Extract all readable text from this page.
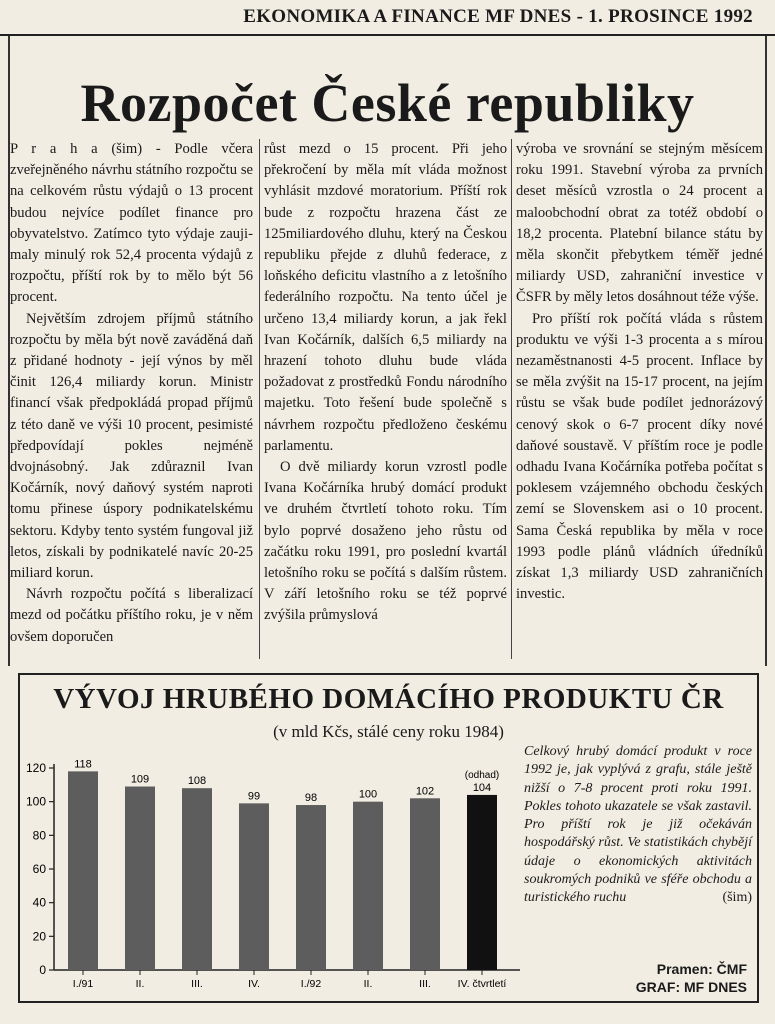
EKONOMIKA A FINANCE MF DNES - 1. PROSINCE 1992
Rozpočet České republiky

P r a h a (šim) - Podle včera zveřejněného návrhu státního rozpočtu se na celkovém růstu výdajů o 13 procent budou nejvíce podílet finance pro obyvatelstvo. Zatímco tyto výdaje zaujimaly minulý rok 52,4 procenta výdajů z rozpočtu, příští rok by to mělo být 56 procent.

Největším zdrojem příjmů státního rozpočtu by měla být nově zaváděná daň z přidané hodnoty - její výnos by měl činit 126,4 miliardy korun. Ministr financí však předpokládá propad příjmů z této daně ve výši 10 procent, pesimisté předpovídají pokles nejméně dvojnásobný. Jak zdůraznil Ivan Kočárník, nový daňový systém naproti tomu přinese úspory podnikatelskému sektoru. Kdyby tento systém fungoval již letos, získali by podnikatelé navíc 20-25 miliard korun.

Návrh rozpočtu počítá s liberalizací mezd od počátku příštího roku, je v něm ovšem doporučen

růst mezd o 15 procent. Při jeho překročení by měla mít vláda možnost vyhlásit mzdové moratorium. Příští rok bude z rozpočtu hrazena část ze 125miliardového dluhu, který na Českou republiku přejde z dluhů federace, z loňského deficitu vlastního a z letošního federálního rozpočtu. Na tento účel je určeno 13,4 miliardy korun, a jak řekl Ivan Kočárník, dalších 6,5 miliardy na hrazení tohoto dluhu bude vláda požadovat z prostředků Fondu národního majetku. Toto řešení bude společně s návrhem rozpočtu předloženo českému parlamentu.

O dvě miliardy korun vzrostl podle Ivana Kočárníka hrubý domácí produkt ve druhém čtvrtletí tohoto roku. Tím bylo poprvé dosaženo jeho růstu od začátku roku 1991, pro poslední kvartál letošního roku se počítá s dalším růstem. V září letošního roku se též poprvé zvýšila průmyslová

výroba ve srovnání se stejným měsícem roku 1991. Stavební výroba za prvních deset měsíců vzrostla o 24 procent a maloobchodní obrat za totéž období o 18,2 procenta. Platební bilance státu by měla skončit přebytkem téměř jedné miliardy USD, zahraniční investice v ČSFR by měly letos dosáhnout téže výše.

Pro příští rok počítá vláda s růstem produktu ve výši 1-3 procenta a s mírou nezaměstnanosti 4-5 procent. Inflace by se měla zvýšit na 15-17 procent, na jejím růstu se však bude podílet jednorázový cenový skok o 6-7 procent díky nové daňové soustavě. V příštím roce je podle odhadu Ivana Kočárníka potřeba počítat s poklesem vzájemného obchodu českých zemí se Slovenskem asi o 10 procent. Sama Česká republika by měla v roce 1993 podle plánů vládních úředníků získat 1,3 miliardy USD zahraničních investic.

VÝVOJ HRUBÉHO DOMÁCÍHO PRODUKTU ČR
(v mld Kčs, stálé ceny roku 1984)
0
20
40
60
80
100
120	118
I./91
109
II.
108
III.
99
IV.
98
I./92
100
II.
102
III.
104
IV. čtvrtletí
(odhad)
Celkový hrubý domácí produkt v roce 1992 je, jak vyplývá z grafu, stále ještě nižší o 7-8 procent proti roku 1991. Pokles tohoto ukazatele se však zastavil. Pro příští rok je již očekáván hospodářský růst. Ve statistikách chybějí údaje o ekonomických aktivitách soukromých podniků ve sféře obchodu a turistického ruchu	(šim)
Pramen: ČMF
GRAF: MF DNES
